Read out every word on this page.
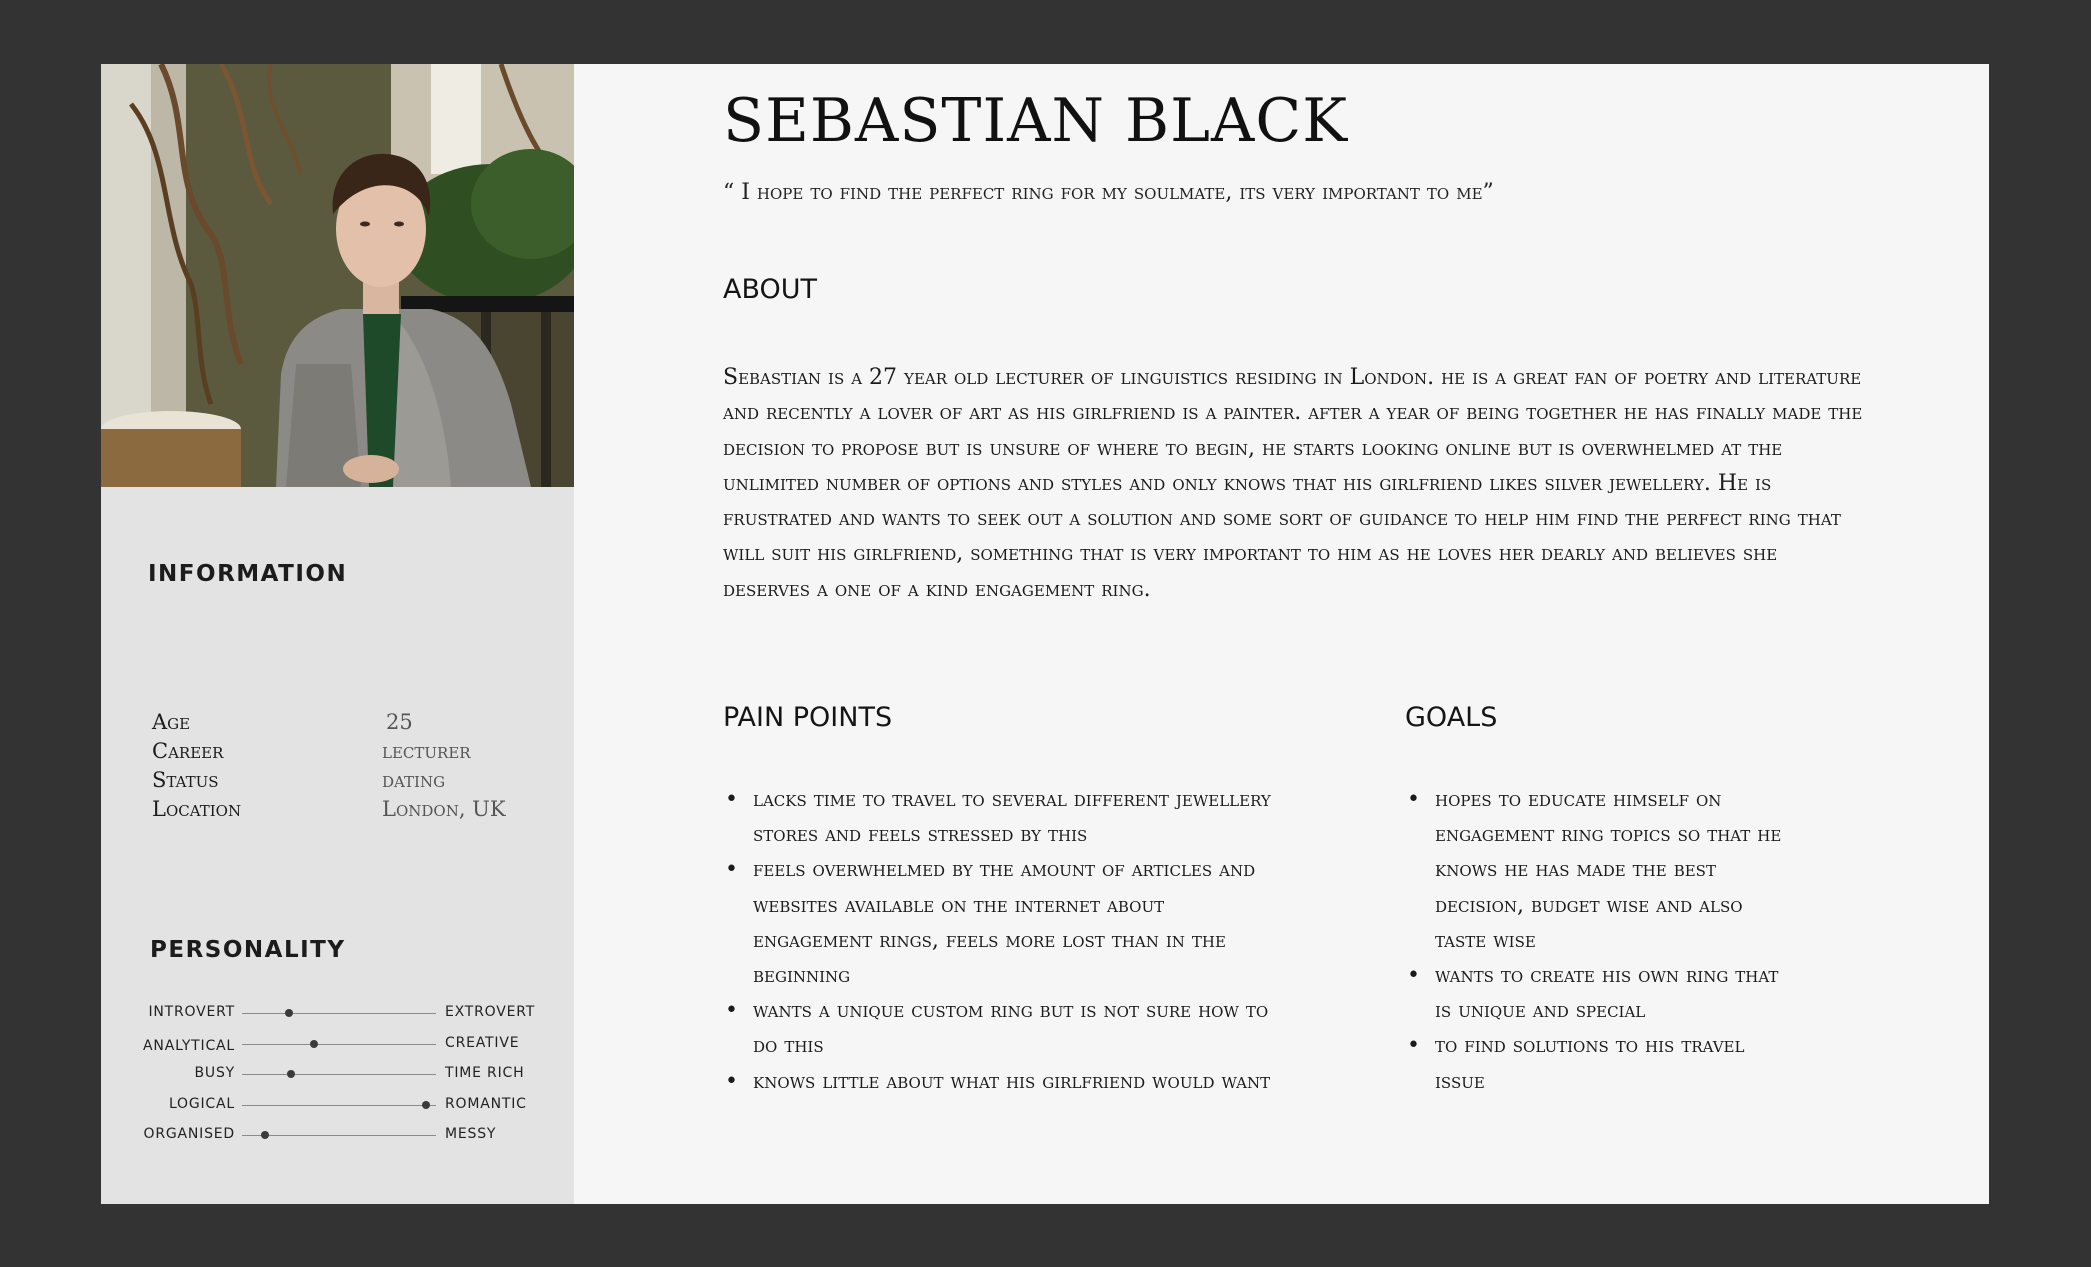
INFORMATION
Age	25
Career	lecturer
Status	dating
Location	London, UK
PERSONALITY
INTROVERT	EXTROVERT
ANALYTICAL	CREATIVE
BUSY	TIME RICH
LOGICAL	ROMANTIC
ORGANISED	MESSY
SEBASTIAN BLACK
“ I hope to find the perfect ring for my soulmate, its very important to me”
ABOUT

Sebastian is a 27 year old lecturer of linguistics residing in London. he is a great fan of poetry and literature and recently a lover of art as his girlfriend is a painter. after a year of being together he has finally made the decision to propose but is unsure of where to begin, he starts looking online but is overwhelmed at the unlimited number of options and styles and only knows that his girlfriend likes silver jewellery. He is frustrated and wants to seek out a solution and some sort of guidance to help him find the perfect ring that will suit his girlfriend, something that is very important to him as he loves her dearly and believes she deserves a one of a kind engagement ring.

PAIN POINTS
• lacks time to travel to several different jewellery stores and feels stressed by this
• feels overwhelmed by the amount of articles and websites available on the internet about engagement rings, feels more lost than in the beginning
• wants a unique custom ring but is not sure how to do this
• knows little about what his girlfriend would want
GOALS
• hopes to educate himself on engagement ring topics so that he knows he has made the best decision, budget wise and also taste wise
• wants to create his own ring that is unique and special
• to find solutions to his travel issue
